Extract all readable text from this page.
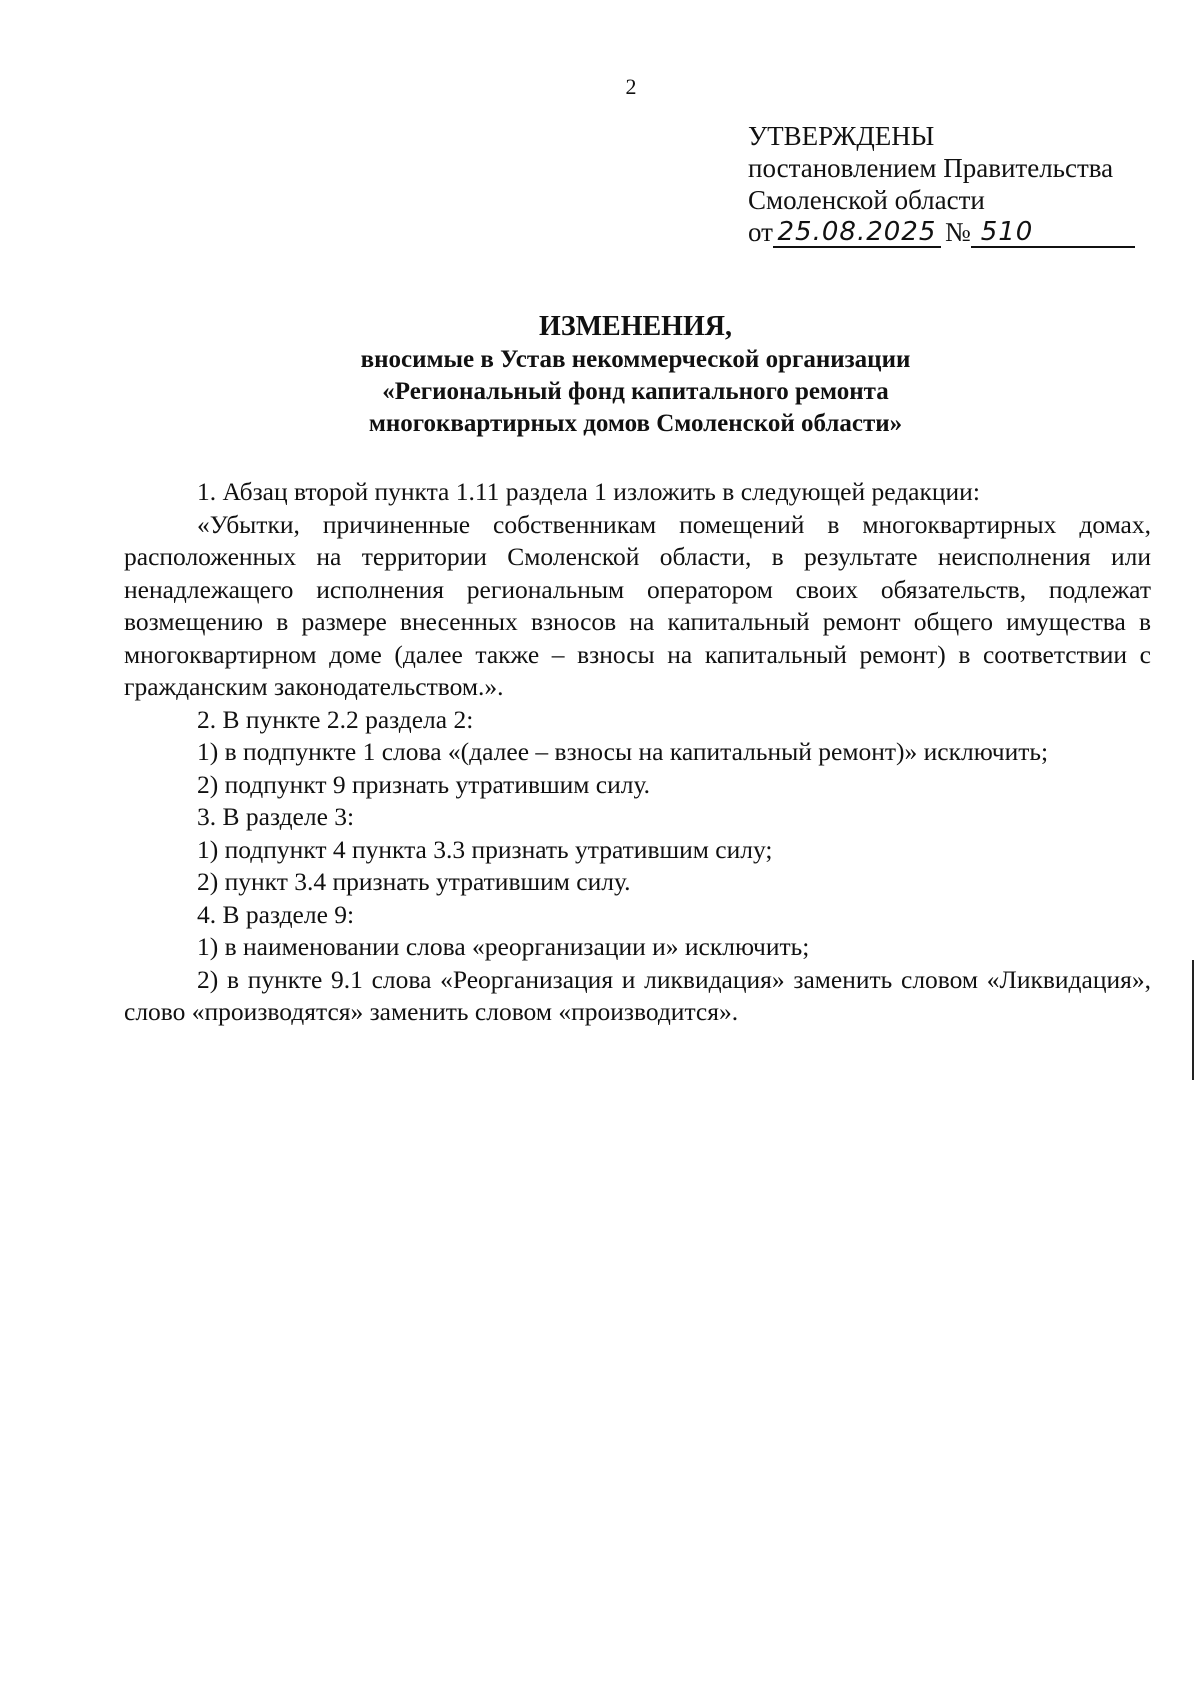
2
УТВЕРЖДЕНЫ
постановлением Правительства
Смоленской области
от 25.08.2025 № 510
ИЗМЕНЕНИЯ,
вносимые в Устав некоммерческой организации
«Региональный фонд капитального ремонта
многоквартирных домов Смоленской области»

1. Абзац второй пункта 1.11 раздела 1 изложить в следующей редакции:

«Убытки, причиненные собственникам помещений в многоквартирных домах, расположенных на территории Смоленской области, в результате неисполнения или ненадлежащего исполнения региональным оператором своих обязательств, подлежат возмещению в размере внесенных взносов на капитальный ремонт общего имущества в многоквартирном доме (далее также – взносы на капитальный ремонт) в соответствии с гражданским законодательством.».

2. В пункте 2.2 раздела 2:

1) в подпункте 1 слова «(далее – взносы на капитальный ремонт)» исключить;

2) подпункт 9 признать утратившим силу.

3. В разделе 3:

1) подпункт 4 пункта 3.3 признать утратившим силу;

2) пункт 3.4 признать утратившим силу.

4. В разделе 9:

1) в наименовании слова «реорганизации и» исключить;

2) в пункте 9.1 слова «Реорганизация и ликвидация» заменить словом «Ликвидация», слово «производятся» заменить словом «производится».
